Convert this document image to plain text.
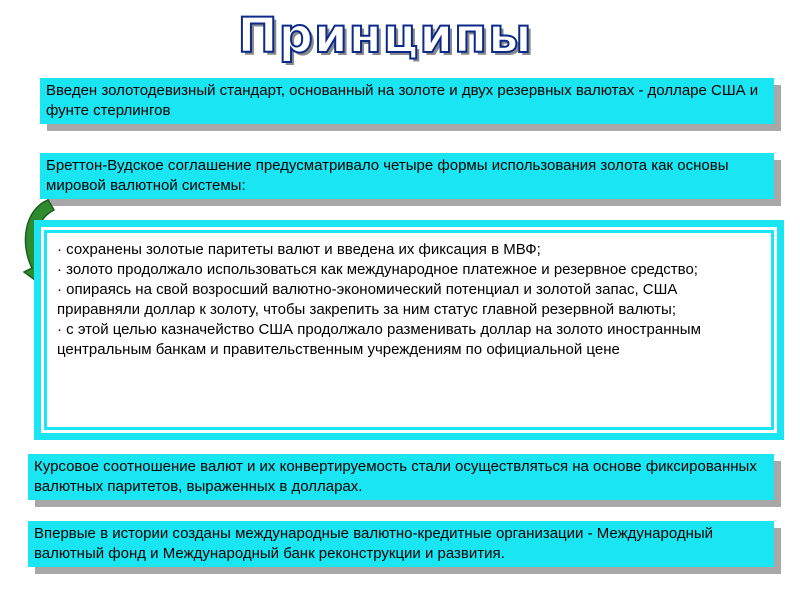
Принципы
Введен золотодевизный стандарт, основанный на золоте и двух резервных валютах - долларе США и фунте стерлингов
Бреттон-Вудское соглашение предусматривало четыре формы использования золота как основы мировой валютной системы:
· сохранены золотые паритеты валют и введена их фиксация в МВФ;
· золото продолжало использоваться как международное платежное и резервное средство;
· опираясь на свой возросший валютно-экономический потенциал и золотой запас, США приравняли доллар к золоту, чтобы закрепить за ним статус главной резервной валюты;
· с этой целью казначейство США продолжало разменивать доллар на золото иностранным центральным банкам и правительственным учреждениям по официальной цене
Курсовое соотношение валют и их конвертируемость стали осуществляться на основе фиксированных валютных паритетов, выраженных в долларах.
Впервые в истории созданы международные валютно-кредитные организации - Международный валютный фонд и Международный банк реконструкции и развития.
